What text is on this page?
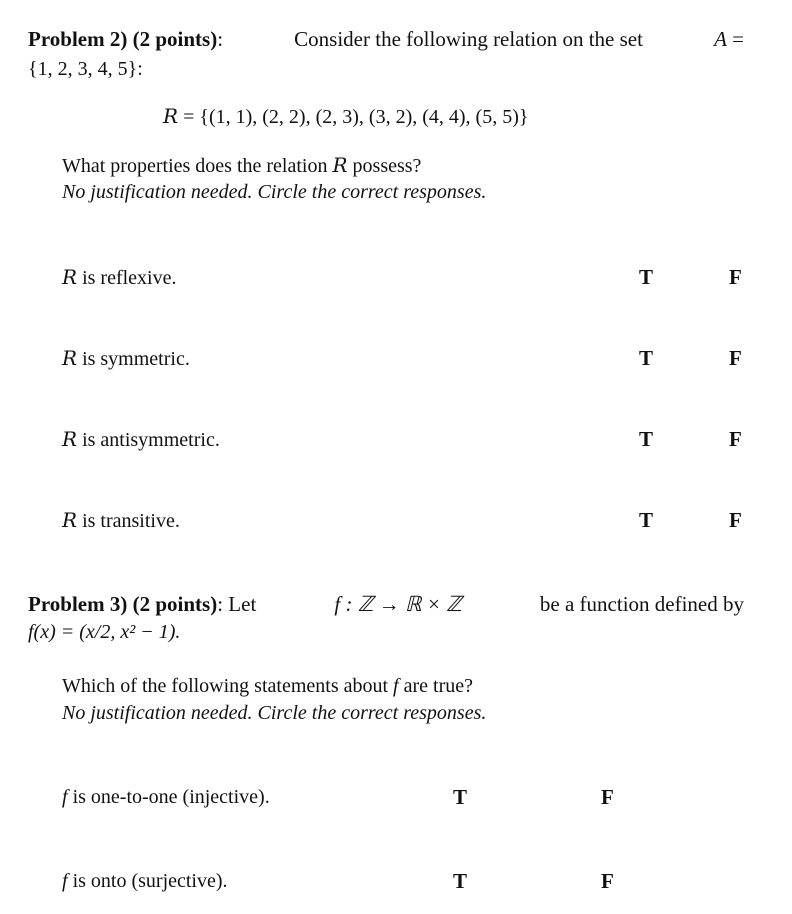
Problem 2) (2 points):	Consider the following relation on the set	A =
{1, 2, 3, 4, 5}:
R = {(1, 1), (2, 2), (2, 3), (3, 2), (4, 4), (5, 5)}
What properties does the relation R possess?
No justification needed. Circle the correct responses.
R is reflexive.	T	F
R is symmetric.	T	F
R is antisymmetric.	T	F
R is transitive.	T	F
Problem 3) (2 points): Let	f : ℤ → ℝ × ℤ	be a function defined by
f(x) = (x/2, x² − 1).
Which of the following statements about f are true?
No justification needed. Circle the correct responses.
f is one-to-one (injective).	T	F
f is onto (surjective).	T	F
